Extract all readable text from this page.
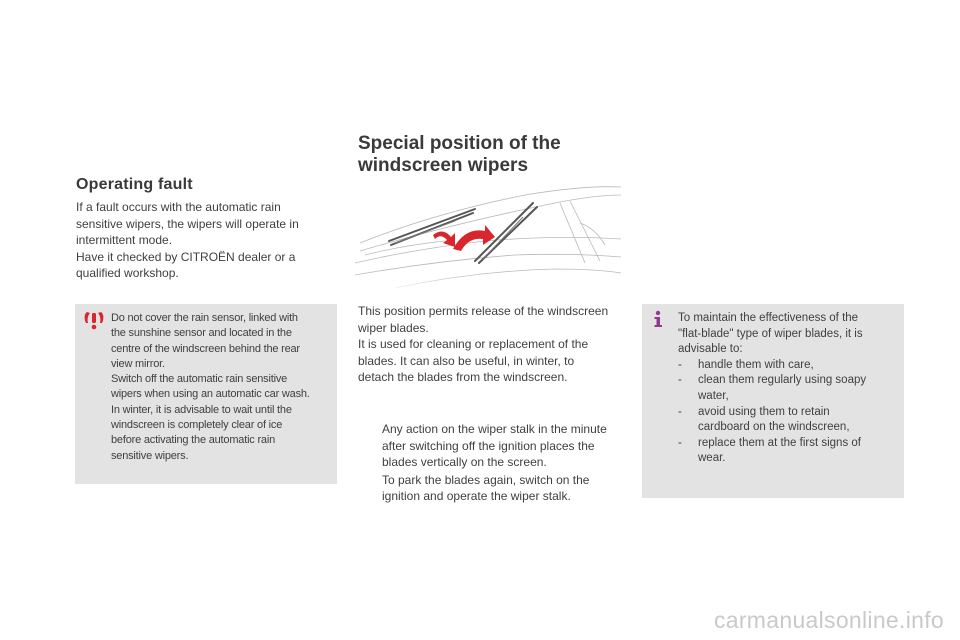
Operating fault
If a fault occurs with the automatic rain
sensitive wipers, the wipers will operate in
intermittent mode.
Have it checked by CITROËN dealer or a
qualified workshop.
Do not cover the rain sensor, linked with
the sunshine sensor and located in the
centre of the windscreen behind the rear
view mirror.
Switch off the automatic rain sensitive
wipers when using an automatic car wash.
In winter, it is advisable to wait until the
windscreen is completely clear of ice
before activating the automatic rain
sensitive wipers.
Special position of the
windscreen wipers
This position permits release of the windscreen
wiper blades.
It is used for cleaning or replacement of the
blades. It can also be useful, in winter, to
detach the blades from the windscreen.
Any action on the wiper stalk in the minute
after switching off the ignition places the
blades vertically on the screen.
To park the blades again, switch on the
ignition and operate the wiper stalk.
To maintain the effectiveness of the
"flat-blade" type of wiper blades, it is
advisable to:
-	handle them with care,
-	clean them regularly using soapy
water,
-	avoid using them to retain
cardboard on the windscreen,
-	replace them at the first signs of
wear.
carmanualsonline.info
